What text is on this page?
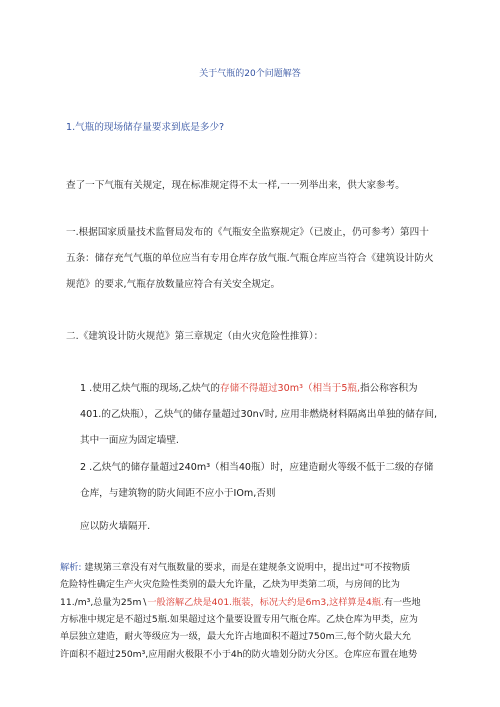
关于气瓶的20个问题解答
1.气瓶的现场储存量要求到底是多少?
查了一下气瓶有关规定，现在标准规定得不太一样,一一列举出来，供大家参考。
一.根据国家质量技术监督局发布的《气瓶安全监察规定》（已废止，仍可参考）第四十
五条：储存充气气瓶的单位应当有专用仓库存放气瓶.气瓶仓库应当符合《建筑设计防火
规范》的要求,气瓶存放数量应符合有关安全规定。
二.《建筑设计防火规范》第三章规定（由火灾危险性推算）：
1 .使用乙炔气瓶的现场,乙炔气的存储不得超过30m³（相当于5瓶,指公称容积为
401.的乙炔瓶），乙炔气的储存量超过30n√时, 应用非燃烧材料隔离出单独的储存间,
其中一面应为固定墙壁.
2 .乙炔气的储存量超过240m³（相当40瓶）时，应建造耐火等级不低于二级的存储
仓库，与建筑物的防火间距不应小于IOm,否则
应以防火墙隔开.
解析: 建规第三章没有对气瓶数量的要求，而是在建规条文说明中，提出过"可不按物质
危险特性确定生产火灾危险性类别的最大允许量，乙炔为甲类第二项，与房间的比为
11./m³,总量为25m∖一般溶解乙炔是401.瓶装，标况大约是6m3,这样算是4瓶.有一些地
方标准中规定是不超过5瓶.如果超过这个量要设置专用气瓶仓库。乙炔仓库为甲类，应为
单层独立建造，耐火等级应为一级，最大允许占地面积不超过750m三,每个防火最大允
许面积不超过250m³,应用耐火极限不小于4h的防火墙划分防火分区。仓库应布置在地势
